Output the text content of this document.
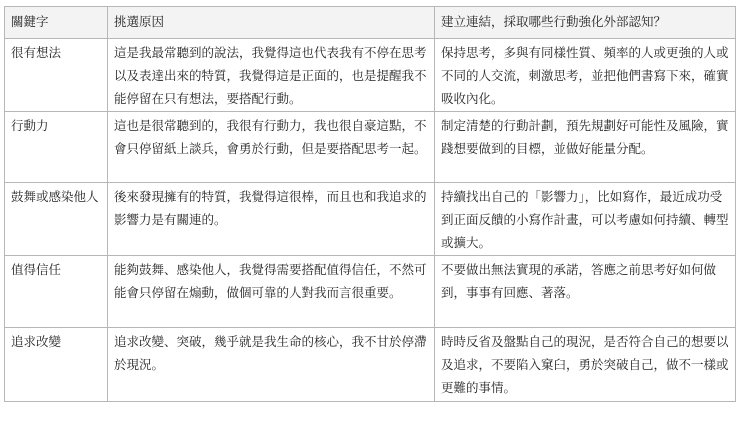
關鍵字	挑選原因	建立連結，採取哪些行動強化外部認知？
很有想法	這是我最常聽到的說法，我覺得這也代表我有不停在思考以及表達出來的特質，我覺得這是正面的，也是提醒我不能停留在只有想法，要搭配行動。	保持思考，多與有同樣性質、頻率的人或更強的人或不同的人交流，刺激思考，並把他們書寫下來，確實吸收內化。
行動力	這也是很常聽到的，我很有行動力，我也很自豪這點，不會只停留紙上談兵，會勇於行動，但是要搭配思考一起。	制定清楚的行動計劃，預先規劃好可能性及風險，實踐想要做到的目標，並做好能量分配。
鼓舞或感染他人	後來發現擁有的特質，我覺得這很棒，而且也和我追求的影響力是有關連的。	持續找出自己的「影響力」，比如寫作，最近成功受到正面反饋的小寫作計畫，可以考慮如何持續、轉型或擴大。
值得信任	能夠鼓舞、感染他人，我覺得需要搭配值得信任，不然可能會只停留在煽動，做個可靠的人對我而言很重要。	不要做出無法實現的承諾，答應之前思考好如何做到，事事有回應、著落。
追求改變	追求改變、突破，幾乎就是我生命的核心，我不甘於停滯於現況。	時時反省及盤點自己的現況，是否符合自己的想要以及追求，不要陷入窠臼，勇於突破自己，做不一樣或更難的事情。
